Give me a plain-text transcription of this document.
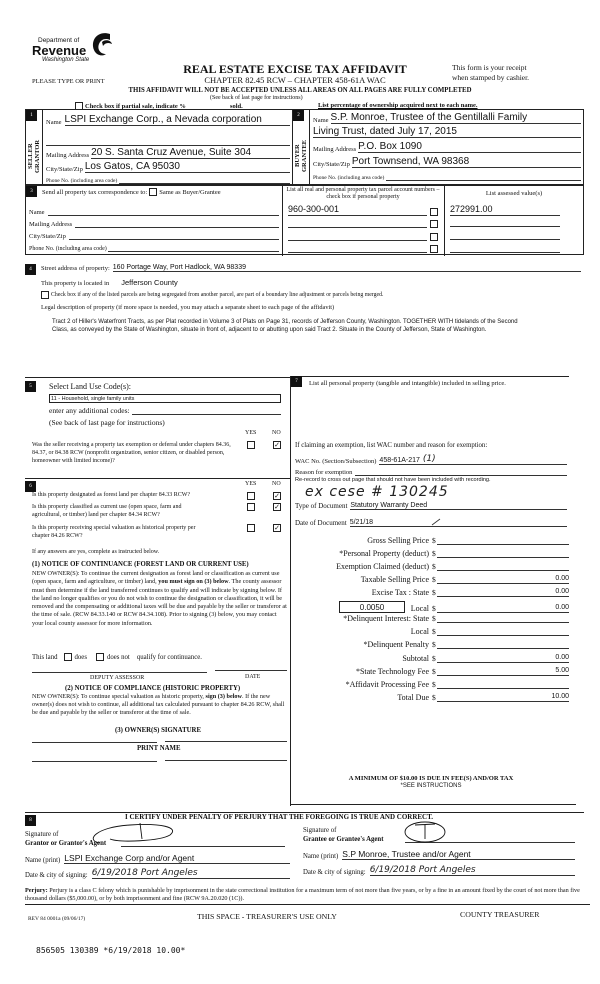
Department of
Revenue
Washington State
PLEASE TYPE OR PRINT
REAL ESTATE EXCISE TAX AFFIDAVIT
CHAPTER 82.45 RCW – CHAPTER 458-61A WAC
This form is your receipt
when stamped by cashier.
THIS AFFIDAVIT WILL NOT BE ACCEPTED UNLESS ALL AREAS ON ALL PAGES ARE FULLY COMPLETED
(See back of last page for instructions)
Check box if partial sale, indicate %	sold.	List percentage of ownership acquired next to each name.
1
SELLER GRANTOR
Name LSPI Exchange Corp., a Nevada corporation
Mailing Address 20 S. Santa Cruz Avenue, Suite 304
City/State/Zip Los Gatos, CA 95030
Phone No. (including area code)
2
BUYER GRANTEE
Name S.P. Monroe, Trustee of the Gentillalli Family
Living Trust, dated July 17, 2015
Mailing Address P.O. Box 1090
City/State/Zip Port Townsend, WA 98368
Phone No. (including area code)
3	Send all property tax correspondence to: Same as Buyer/Grantee
Name
Mailing Address
City/State/Zip
Phone No. (including area code)
List all real and personal property tax parcel account numbers – check box if personal property	List assessed value(s)
960-300-001	272991.00
4	Street address of property: 160 Portage Way, Port Hadlock, WA 98339
This property is located in Jefferson County
Check box if any of the listed parcels are being segregated from another parcel, are part of a boundary line adjustment or parcels being merged.
Legal description of property (if more space is needed, you may attach a separate sheet to each page of the affidavit)
Tract 2 of Hiller's Waterfront Tracts, as per Plat recorded in Volume 3 of Plats on Page 31, records of Jefferson County, Washington. TOGETHER WITH tidelands of the Second Class, as conveyed by the State of Washington, situate in front of, adjacent to or abutting upon said Tract 2. Situate in the County of Jefferson, State of Washington.
5	Select Land Use Code(s):
11 - Household, single family units
enter any additional codes:
(See back of last page for instructions)
YES	NO
Was the seller receiving a property tax exemption or deferral under chapters 84.36, 84.37, or 84.38 RCW (nonprofit organization, senior citizen, or disabled person, homeowner with limited income)?
✓
6	YES	NO
Is this property designated as forest land per chapter 84.33 RCW?
✓
Is this property classified as current use (open space, farm and agricultural, or timber) land per chapter 84.34 RCW?
✓
Is this property receiving special valuation as historical property per chapter 84.26 RCW?
✓
If any answers are yes, complete as instructed below.
(1) NOTICE OF CONTINUANCE (FOREST LAND OR CURRENT USE)
NEW OWNER(S): To continue the current designation as forest land or classification as current use (open space, farm and agriculture, or timber) land, you must sign on (3) below. The county assessor must then determine if the land transferred continues to qualify and will indicate by signing below. If the land no longer qualifies or you do not wish to continue the designation or classification, it will be removed and the compensating or additional taxes will be due and payable by the seller or transferor at the time of sale. (RCW 84.33.140 or RCW 84.34.108). Prior to signing (3) below, you may contact your local county assessor for more information.
This land	does	does not qualify for continuance.
DEPUTY ASSESSOR	DATE
(2) NOTICE OF COMPLIANCE (HISTORIC PROPERTY)
NEW OWNER(S): To continue special valuation as historic property, sign (3) below. If the new owner(s) does not wish to continue, all additional tax calculated pursuant to chapter 84.26 RCW, shall be due and payable by the seller or transferor at the time of sale.
(3) OWNER(S) SIGNATURE
PRINT NAME
7	List all personal property (tangible and intangible) included in selling price.
If claiming an exemption, list WAC number and reason for exemption:
WAC No. (Section/Subsection) 458-61A-217 (1)
Reason for exemption
Re-record to cross out page that should not have been included with recording.
ex cese # 130245
Type of Document Statutory Warranty Deed
Date of Document 5/21/18
Gross Selling Price $
*Personal Property (deduct) $
Exemption Claimed (deduct) $
Taxable Selling Price $	0.00
Excise Tax : State $	0.00
0.0050	Local $	0.00
*Delinquent Interest: State $
Local $
*Delinquent Penalty $
Subtotal $	0.00
*State Technology Fee $	5.00
*Affidavit Processing Fee $
Total Due $	10.00
A MINIMUM OF $10.00 IS DUE IN FEE(S) AND/OR TAX
*SEE INSTRUCTIONS
8	I CERTIFY UNDER PENALTY OF PERJURY THAT THE FOREGOING IS TRUE AND CORRECT.
Signature of
Grantor or Grantor's Agent
Name (print) LSPI Exchange Corp and/or Agent
Date & city of signing: 6/19/2018 Port Angeles
Signature of
Grantee or Grantee's Agent
Name (print) S.P Monroe, Trustee and/or Agent
Date & city of signing: 6/19/2018 Port Angeles
Perjury: Perjury is a class C felony which is punishable by imprisonment in the state correctional institution for a maximum term of not more than five years, or by a fine in an amount fixed by the court of not more than five thousand dollars ($5,000.00), or by both imprisonment and fine (RCW 9A.20.020 (1C)).
REV 84 0001a (09/06/17)	THIS SPACE - TREASURER'S USE ONLY	COUNTY TREASURER
856505 130389 *6/19/2018 10.00*
